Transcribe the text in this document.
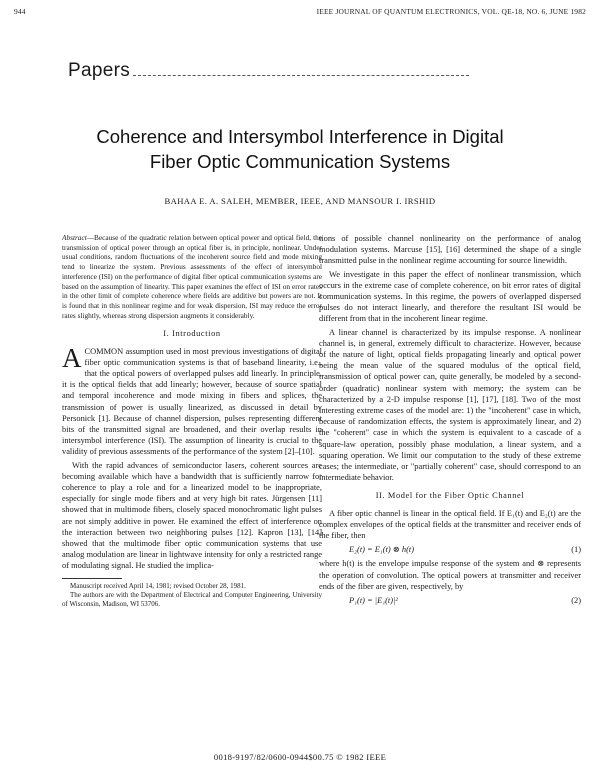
944	IEEE JOURNAL OF QUANTUM ELECTRONICS, VOL. QE-18, NO. 6, JUNE 1982
Papers
Coherence and Intersymbol Interference in Digital
Fiber Optic Communication Systems
BAHAA E. A. SALEH, MEMBER, IEEE, AND MANSOUR I. IRSHID
Abstract—Because of the quadratic relation between optical power and optical field, the transmission of optical power through an optical fiber is, in principle, nonlinear. Under usual conditions, random fluctuations of the incoherent source field and mode mixing tend to linearize the system. Previous assessments of the effect of intersymbol interference (ISI) on the performance of digital fiber optical communication systems are based on the assumption of linearity. This paper examines the effect of ISI on error rates in the other limit of complete coherence where fields are additive but powers are not. It is found that in this nonlinear regime and for weak dispersion, ISI may reduce the error rates slightly, whereas strong dispersion augments it considerably.
I. Introduction

ACOMMON assumption used in most previous investigations of digital fiber optic communication systems is that of baseband linearity, i.e., that the optical powers of overlapped pulses add linearly. In principle, it is the optical fields that add linearly; however, because of source spatial and temporal incoherence and mode mixing in fibers and splices, the transmission of power is usually linearized, as discussed in detail by Personick [1]. Because of channel dispersion, pulses representing different bits of the transmitted signal are broadened, and their overlap results in intersymbol interference (ISI). The assumption of linearity is crucial to the validity of previous assessments of the performance of the system [2]–[10].

With the rapid advances of semiconductor lasers, coherent sources are becoming available which have a bandwidth that is sufficiently narrow for coherence to play a role and for a linearized model to be inappropriate, especially for single mode fibers and at very high bit rates. Jürgensen [11] showed that in multimode fibers, closely spaced monochromatic light pulses are not simply additive in power. He examined the effect of interference on the interaction between two neighboring pulses [12]. Kapron [13], [14] showed that the multimode fiber optic communication systems that use analog modulation are linear in lightwave intensity for only a restricted range of modulating signal. He studied the implica-

Manuscript received April 14, 1981; revised October 28, 1981.

The authors are with the Department of Electrical and Computer Engineering, University of Wisconsin, Madison, WI 53706.

tions of possible channel nonlinearity on the performance of analog modulation systems. Marcuse [15], [16] determined the shape of a single transmitted pulse in the nonlinear regime accounting for source linewidth.

We investigate in this paper the effect of nonlinear transmission, which occurs in the extreme case of complete coherence, on bit error rates of digital communication systems. In this regime, the powers of overlapped dispersed pulses do not interact linearly, and therefore the resultant ISI would be different from that in the incoherent linear regime.

A linear channel is characterized by its impulse response. A nonlinear channel is, in general, extremely difficult to characterize. However, because of the nature of light, optical fields propagating linearly and optical power being the mean value of the squared modulus of the optical field, transmission of optical power can, quite generally, be modeled by a second-order (quadratic) nonlinear system with memory; the system can be characterized by a 2-D impulse response [1], [17], [18]. Two of the most interesting extreme cases of the model are: 1) the "incoherent" case in which, because of randomization effects, the system is approximately linear, and 2) the "coherent" case in which the system is equivalent to a cascade of a square-law operation, possibly phase modulation, a linear system, and a squaring operation. We limit our computation to the study of these extreme cases; the intermediate, or "partially coherent" case, should correspond to an intermediate behavior.

II. Model for the Fiber Optic Channel

A fiber optic channel is linear in the optical field. If E₁(t) and E₂(t) are the complex envelopes of the optical fields at the transmitter and receiver ends of the fiber, then

E₂(t) = E₁(t) ⊗ h(t)	(1)

where h(t) is the envelope impulse response of the system and ⊗ represents the operation of convolution. The optical powers at transmitter and receiver ends of the fiber are given, respectively, by

P₁(t) = |E₁(t)|²	(2)
0018-9197/82/0600-0944$00.75 © 1982 IEEE
